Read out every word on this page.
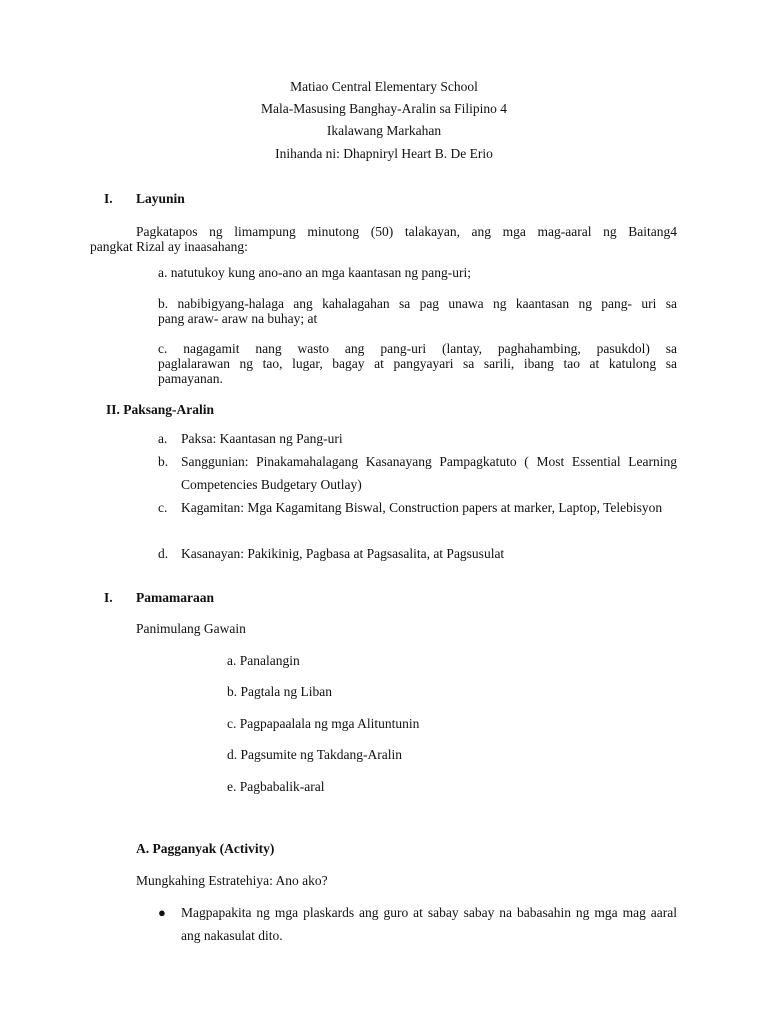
Matiao Central Elementary School
Mala-Masusing Banghay-Aralin sa Filipino 4
Ikalawang Markahan
Inihanda ni: Dhapniryl Heart B. De Erio
I. Layunin
Pagkatapos ng limampung minutong (50) talakayan, ang mga mag-aaral ng Baitang4
pangkat Rizal ay inaasahang:
a. natutukoy kung ano-ano an mga kaantasan ng pang-uri;
b. nabibigyang-halaga ang kahalagahan sa pag unawa ng kaantasan ng pang- uri sa
pang araw- araw na buhay; at
c. nagagamit nang wasto ang pang-uri (lantay, paghahambing, pasukdol) sa
paglalarawan ng tao, lugar, bagay at pangyayari sa sarili, ibang tao at katulong sa
pamayanan.
II. Paksang-Aralin
a. Paksa: Kaantasan ng Pang-uri
b. Sanggunian: Pinakamahalagang Kasanayang Pampagkatuto ( Most Essential Learning Competencies Budgetary Outlay)
c. Kagamitan: Mga Kagamitang Biswal, Construction papers at marker, Laptop, Telebisyon
d. Kasanayan: Pakikinig, Pagbasa at Pagsasalita, at Pagsusulat
I. Pamamaraan
Panimulang Gawain
a. Panalangin
b. Pagtala ng Liban
c. Pagpapaalala ng mga Alituntunin
d. Pagsumite ng Takdang-Aralin
e. Pagbabalik-aral
A. Pagganyak (Activity)
Mungkahing Estratehiya: Ano ako?
● Magpapakita ng mga plaskards ang guro at sabay sabay na babasahin ng mga mag aaral ang nakasulat dito.
